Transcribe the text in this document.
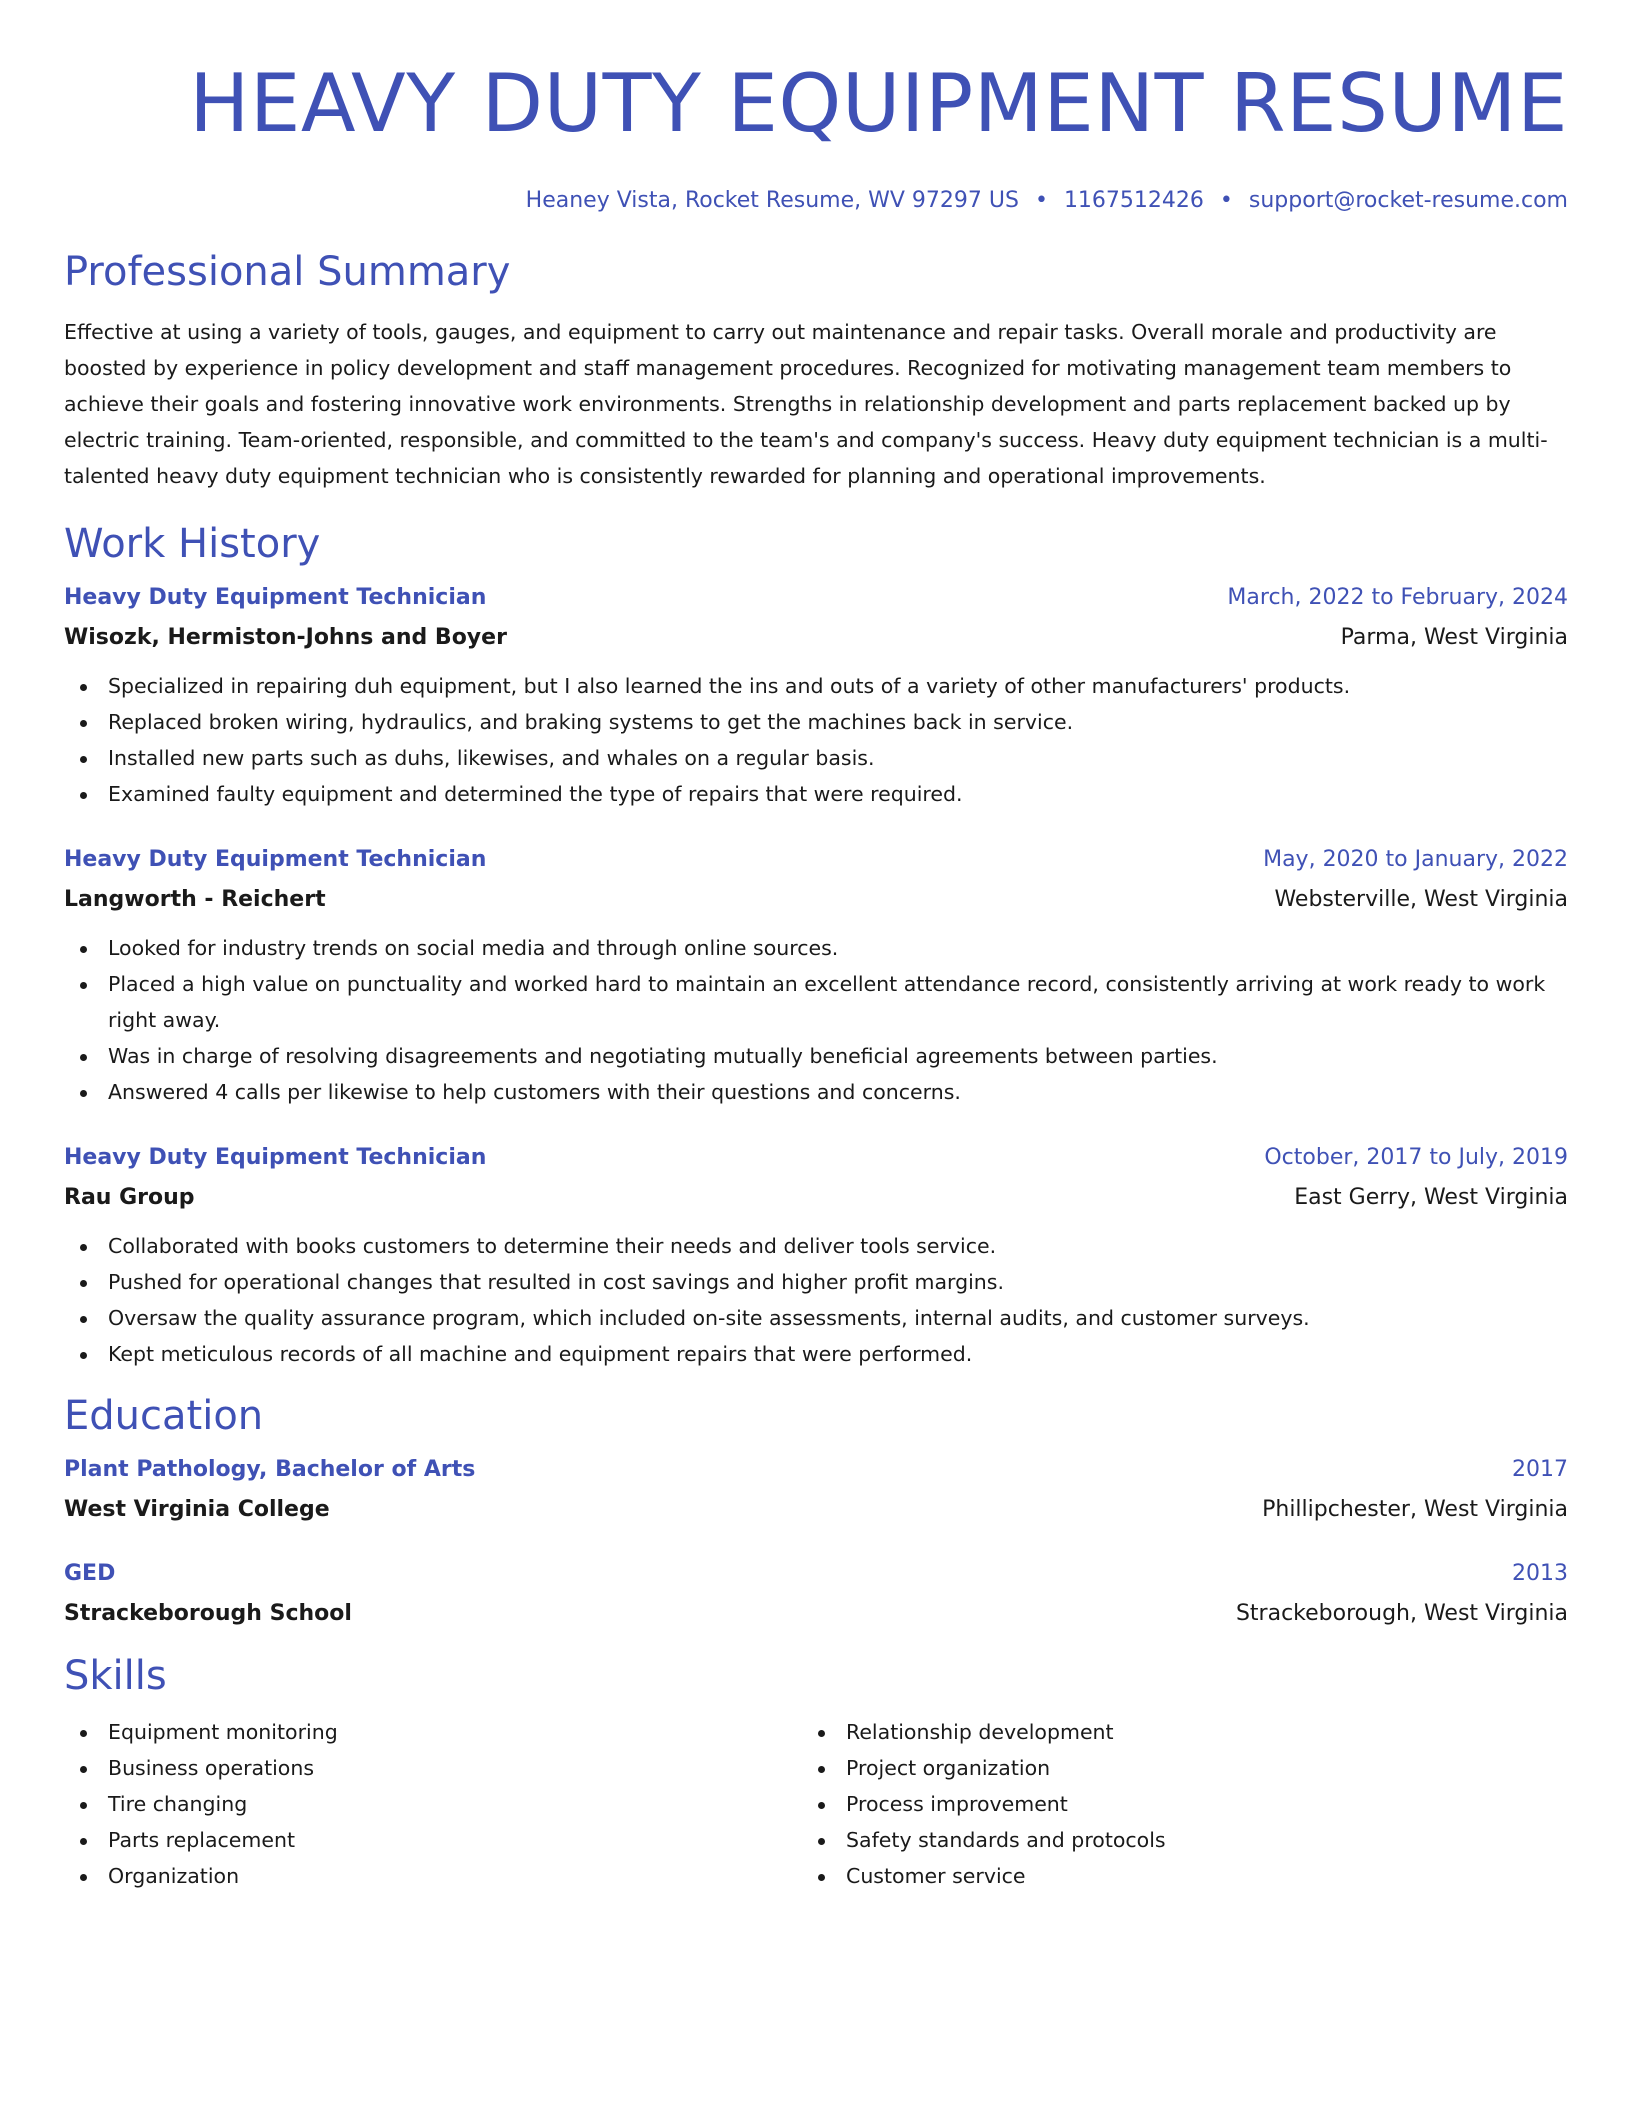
HEAVY DUTY EQUIPMENT RESUME
Heaney Vista, Rocket Resume, WV 97297 US • 1167512426 • support@rocket-resume.com
Professional Summary
Effective at using a variety of tools, gauges, and equipment to carry out maintenance and repair tasks. Overall morale and productivity are boosted by experience in policy development and staff management procedures. Recognized for motivating management team members to achieve their goals and fostering innovative work environments. Strengths in relationship development and parts replacement backed up by electric training. Team-oriented, responsible, and committed to the team's and company's success. Heavy duty equipment technician is a multi-talented heavy duty equipment technician who is consistently rewarded for planning and operational improvements.
Work History
Heavy Duty Equipment Technician	March, 2022 to February, 2024
Wisozk, Hermiston-Johns and Boyer	Parma, West Virginia
Specialized in repairing duh equipment, but I also learned the ins and outs of a variety of other manufacturers' products.
Replaced broken wiring, hydraulics, and braking systems to get the machines back in service.
Installed new parts such as duhs, likewises, and whales on a regular basis.
Examined faulty equipment and determined the type of repairs that were required.
Heavy Duty Equipment Technician	May, 2020 to January, 2022
Langworth - Reichert	Websterville, West Virginia
Looked for industry trends on social media and through online sources.
Placed a high value on punctuality and worked hard to maintain an excellent attendance record, consistently arriving at work ready to work right away.
Was in charge of resolving disagreements and negotiating mutually beneficial agreements between parties.
Answered 4 calls per likewise to help customers with their questions and concerns.
Heavy Duty Equipment Technician	October, 2017 to July, 2019
Rau Group	East Gerry, West Virginia
Collaborated with books customers to determine their needs and deliver tools service.
Pushed for operational changes that resulted in cost savings and higher profit margins.
Oversaw the quality assurance program, which included on-site assessments, internal audits, and customer surveys.
Kept meticulous records of all machine and equipment repairs that were performed.
Education
Plant Pathology, Bachelor of Arts	2017
West Virginia College	Phillipchester, West Virginia
GED	2013
Strackeborough School	Strackeborough, West Virginia
Skills
Equipment monitoring
Business operations
Tire changing
Parts replacement
Organization
Relationship development
Project organization
Process improvement
Safety standards and protocols
Customer service
